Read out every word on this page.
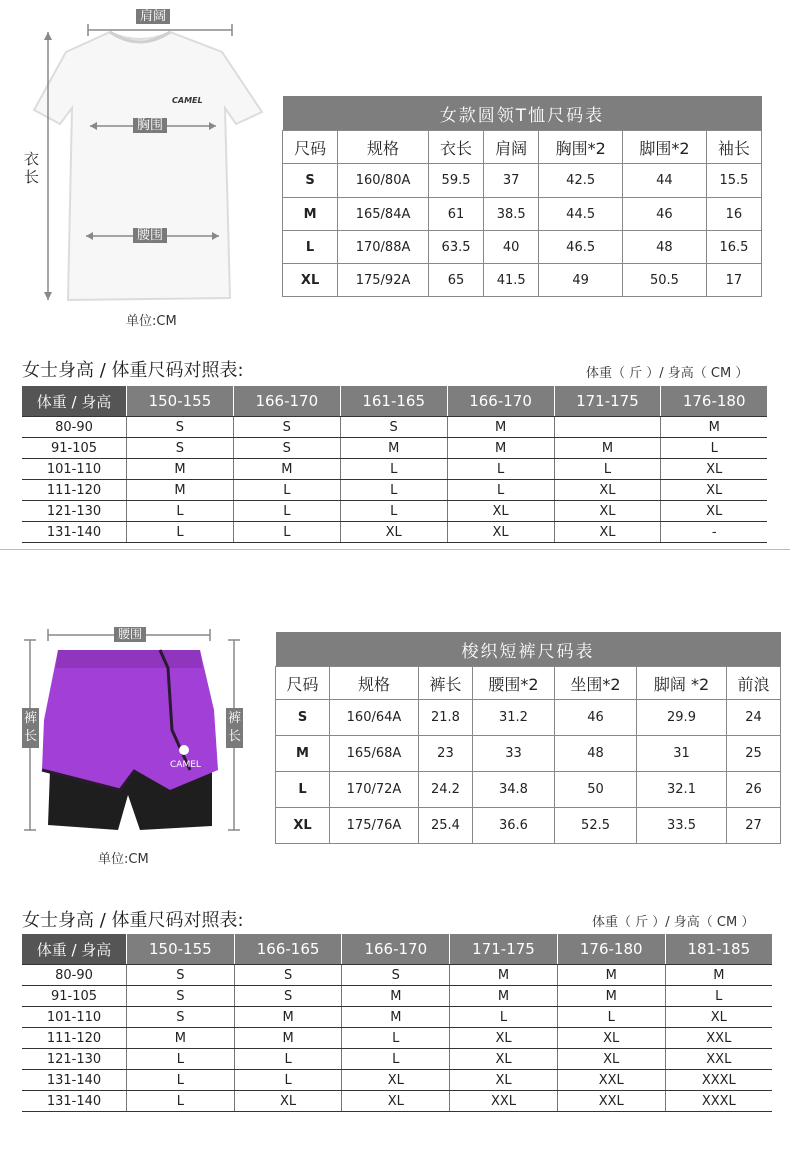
肩阔
胸围
腰围
CAMEL
衣长
单位:CM
女款圆领T恤尺码表						
尺码	规格	衣长	肩阔	胸围*2	脚围*2	袖长
S	160/80A	59.5	37	42.5	44	15.5
M	165/84A	61	38.5	44.5	46	16
L	170/88A	63.5	40	46.5	48	16.5
XL	175/92A	65	41.5	49	50.5	17
女士身高 / 体重尺码对照表:	体重（ 斤 ）/ 身高（ CM ）
体重 / 身高	150-155	166-170	161-165	166-170	171-175	176-180
80-90	S	S	S	M		M
91-105	S	S	M	M	M	L
101-110	M	M	L	L	L	XL
111-120	M	L	L	L	XL	XL
121-130	L	L	L	XL	XL	XL
131-140	L	L	XL	XL	XL	-
腰围
裤长
裤长
CAMEL
单位:CM
梭织短裤尺码表						
尺码	规格	裤长	腰围*2	坐围*2	脚阔 *2	前浪
S	160/64A	21.8	31.2	46	29.9	24
M	165/68A	23	33	48	31	25
L	170/72A	24.2	34.8	50	32.1	26
XL	175/76A	25.4	36.6	52.5	33.5	27
女士身高 / 体重尺码对照表:	体重（ 斤 ）/ 身高（ CM ）
体重 / 身高	150-155	166-165	166-170	171-175	176-180	181-185
80-90	S	S	S	M	M	M
91-105	S	S	M	M	M	L
101-110	S	M	M	L	L	XL
111-120	M	M	L	XL	XL	XXL
121-130	L	L	L	XL	XL	XXL
131-140	L	L	XL	XL	XXL	XXXL
131-140	L	XL	XL	XXL	XXL	XXXL
